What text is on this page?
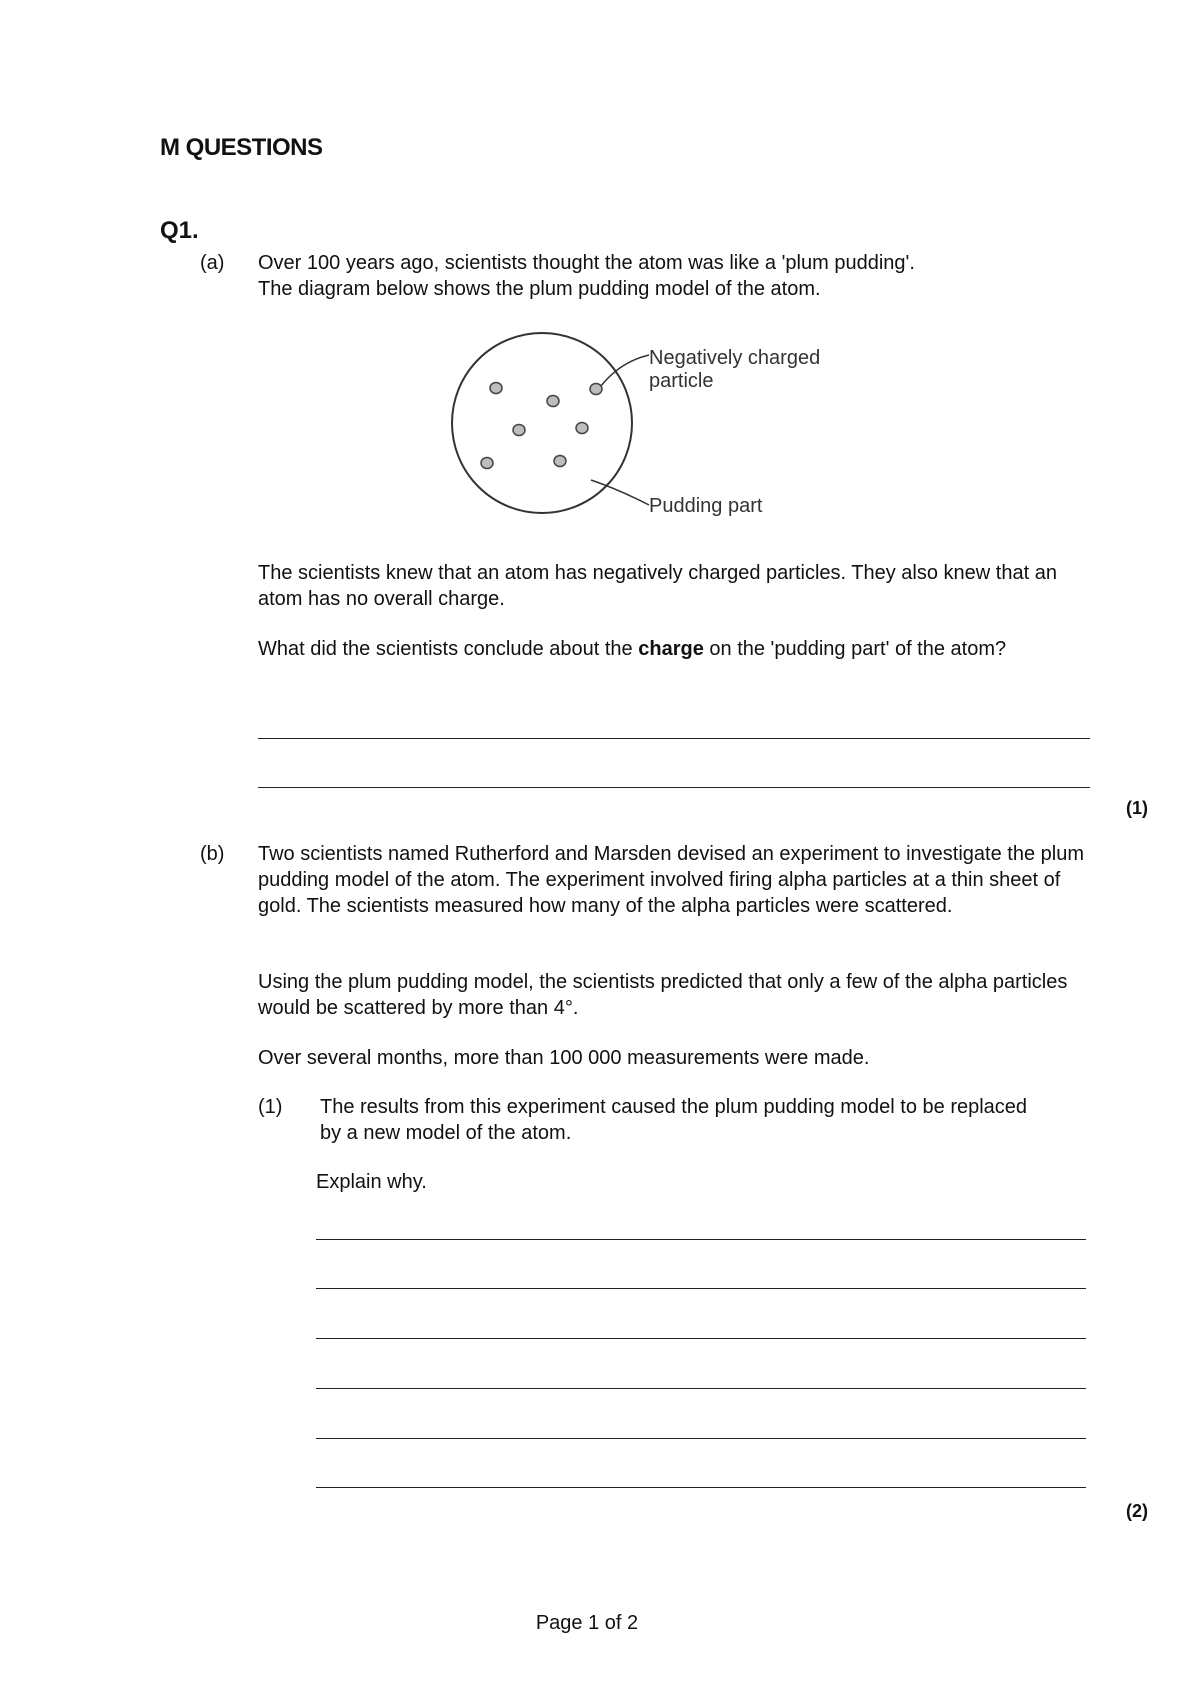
M QUESTIONS
Q1.
(a) Over 100 years ago, scientists thought the atom was like a 'plum pudding'.

The diagram below shows the plum pudding model of the atom.

Negatively charged
particle
Pudding part
The scientists knew that an atom has negatively charged particles. They also knew that an atom has no overall charge.
What did the scientists conclude about the charge on the 'pudding part' of the atom?
(1)
(b) Two scientists named Rutherford and Marsden devised an experiment to investigate the plum pudding model of the atom. The experiment involved firing alpha particles at a thin sheet of gold. The scientists measured how many of the alpha particles were scattered.
Using the plum pudding model, the scientists predicted that only a few of the alpha particles would be scattered by more than 4°.
Over several months, more than 100 000 measurements were made.
(1) The results from this experiment caused the plum pudding model to be replaced by a new model of the atom.
Explain why.
(2)
Page 1 of 2
